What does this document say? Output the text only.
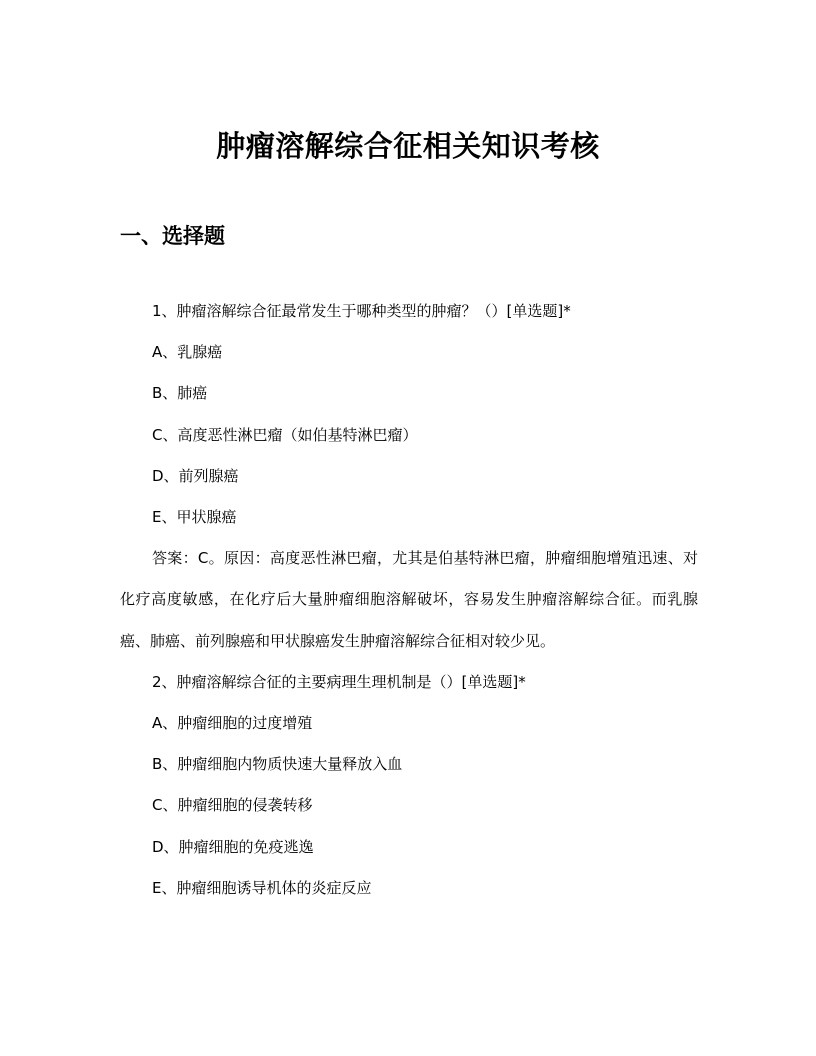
肿瘤溶解综合征相关知识考核
一、选择题

1、肿瘤溶解综合征最常发生于哪种类型的肿瘤？（）[单选题]*

A、乳腺癌

B、肺癌

C、高度恶性淋巴瘤（如伯基特淋巴瘤）

D、前列腺癌

E、甲状腺癌

答案：C。原因：高度恶性淋巴瘤，尤其是伯基特淋巴瘤，肿瘤细胞增殖迅速、对化疗高度敏感，在化疗后大量肿瘤细胞溶解破坏，容易发生肿瘤溶解综合征。而乳腺癌、肺癌、前列腺癌和甲状腺癌发生肿瘤溶解综合征相对较少见。

2、肿瘤溶解综合征的主要病理生理机制是（）[单选题]*

A、肿瘤细胞的过度增殖

B、肿瘤细胞内物质快速大量释放入血

C、肿瘤细胞的侵袭转移

D、肿瘤细胞的免疫逃逸

E、肿瘤细胞诱导机体的炎症反应
